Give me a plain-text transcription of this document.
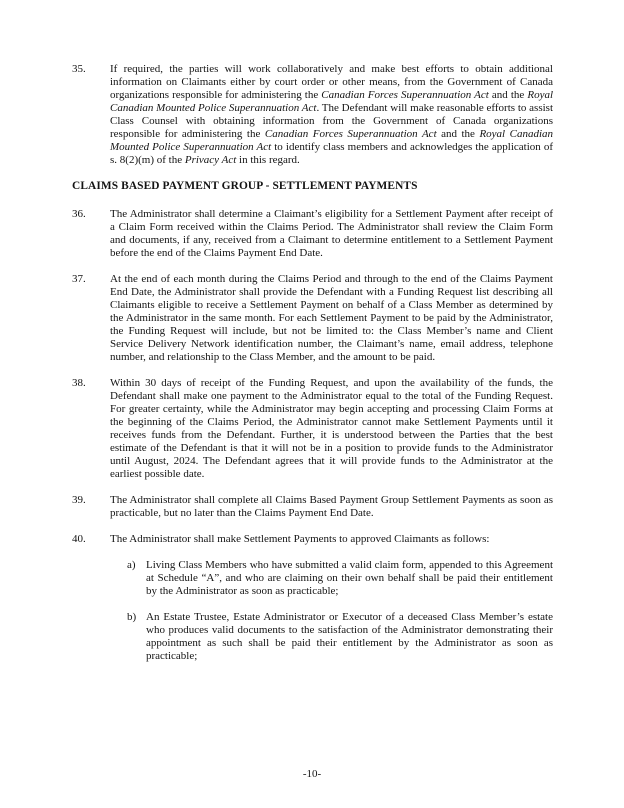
35.	If required, the parties will work collaboratively and make best efforts to obtain additional information on Claimants either by court order or other means, from the Government of Canada organizations responsible for administering the Canadian Forces Superannuation Act and the Royal Canadian Mounted Police Superannuation Act. The Defendant will make reasonable efforts to assist Class Counsel with obtaining information from the Government of Canada organizations responsible for administering the Canadian Forces Superannuation Act and the Royal Canadian Mounted Police Superannuation Act to identify class members and acknowledges the application of s. 8(2)(m) of the Privacy Act in this regard.
CLAIMS BASED PAYMENT GROUP - SETTLEMENT PAYMENTS
36.	The Administrator shall determine a Claimant’s eligibility for a Settlement Payment after receipt of a Claim Form received within the Claims Period. The Administrator shall review the Claim Form and documents, if any, received from a Claimant to determine entitlement to a Settlement Payment before the end of the Claims Payment End Date.
37.	At the end of each month during the Claims Period and through to the end of the Claims Payment End Date, the Administrator shall provide the Defendant with a Funding Request list describing all Claimants eligible to receive a Settlement Payment on behalf of a Class Member as determined by the Administrator in the same month. For each Settlement Payment to be paid by the Administrator, the Funding Request will include, but not be limited to: the Class Member’s name and Client Service Delivery Network identification number, the Claimant’s name, email address, telephone number, and relationship to the Class Member, and the amount to be paid.
38.	Within 30 days of receipt of the Funding Request, and upon the availability of the funds, the Defendant shall make one payment to the Administrator equal to the total of the Funding Request. For greater certainty, while the Administrator may begin accepting and processing Claim Forms at the beginning of the Claims Period, the Administrator cannot make Settlement Payments until it receives funds from the Defendant. Further, it is understood between the Parties that the best estimate of the Defendant is that it will not be in a position to provide funds to the Administrator until August, 2024. The Defendant agrees that it will provide funds to the Administrator at the earliest possible date.
39.	The Administrator shall complete all Claims Based Payment Group Settlement Payments as soon as practicable, but no later than the Claims Payment End Date.
40.	The Administrator shall make Settlement Payments to approved Claimants as follows:
a) Living Class Members who have submitted a valid claim form, appended to this Agreement at Schedule “A”, and who are claiming on their own behalf shall be paid their entitlement by the Administrator as soon as practicable;
b) An Estate Trustee, Estate Administrator or Executor of a deceased Class Member’s estate who produces valid documents to the satisfaction of the Administrator demonstrating their appointment as such shall be paid their entitlement by the Administrator as soon as practicable;
-10-
